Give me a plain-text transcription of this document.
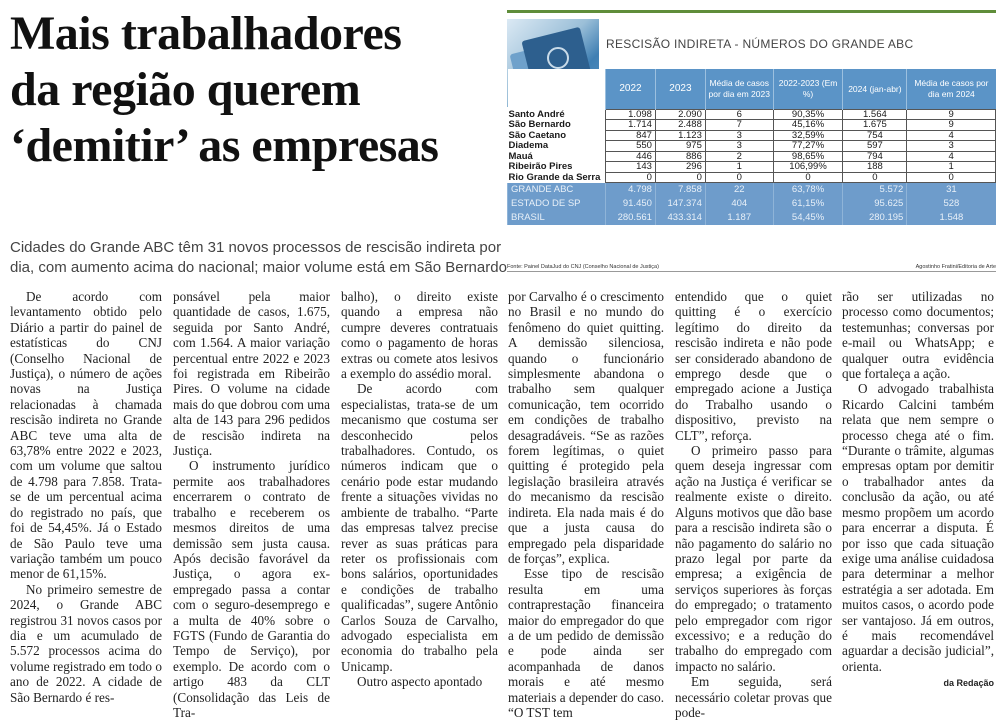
Mais trabalhadores
da região querem
‘demitir’ as empresas
Cidades do Grande ABC têm 31 novos processos de rescisão indireta por
dia, com aumento acima do nacional; maior volume está em São Bernardo
RESCISÃO INDIRETA - NÚMEROS DO GRANDE ABC
	2022	2023	Média de casos por dia em 2023	2022-2023 (Em %)	2024 (jan-abr)	Média de casos por dia em 2024
Santo André	1.098	2.090	6	90,35%	1.564	9
São Bernardo	1.714	2.488	7	45,16%	1.675	9
São Caetano	847	1.123	3	32,59%	754	4
Diadema	550	975	3	77,27%	597	3
Mauá	446	886	2	98,65%	794	4
Ribeirão Pires	143	296	1	106,99%	188	1
Rio Grande da Serra	0	0	0	0	0	0
GRANDE ABC	4.798	7.858	22	63,78%	5.572	31
ESTADO DE SP	91.450	147.374	404	61,15%	95.625	528
BRASIL	280.561	433.314	1.187	54,45%	280.195	1.548
Fonte: Painel DataJud do CNJ (Conselho Nacional de Justiça)	Agostinho Fratini/Editoria de Arte

De acordo com levantamento obtido pelo Diário a partir do painel de estatísticas do CNJ (Conselho Nacional de Justiça), o número de ações novas na Justiça relacionadas à chamada rescisão indireta no Grande ABC teve uma alta de 63,78% entre 2022 e 2023, com um volume que saltou de 4.798 para 7.858. Trata-se de um percentual acima do registrado no país, que foi de 54,45%. Já o Estado de São Paulo teve uma variação também um pouco menor de 61,15%.

No primeiro semestre de 2024, o Grande ABC registrou 31 novos casos por dia e um acumulado de 5.572 processos acima do volume registrado em todo o ano de 2022. A cidade de São Bernardo é res-

ponsável pela maior quantidade de casos, 1.675, seguida por Santo André, com 1.564. A maior variação percentual entre 2022 e 2023 foi registrada em Ribeirão Pires. O volume na cidade mais do que dobrou com uma alta de 143 para 296 pedidos de rescisão indireta na Justiça.

O instrumento jurídico permite aos trabalhadores encerrarem o contrato de trabalho e receberem os mesmos direitos de uma demissão sem justa causa. Após decisão favorável da Justiça, o agora ex-empregado passa a contar com o seguro-desemprego e a multa de 40% sobre o FGTS (Fundo de Garantia do Tempo de Serviço), por exemplo. De acordo com o artigo 483 da CLT (Consolidação das Leis de Tra-

balho), o direito existe quando a empresa não cumpre deveres contratuais como o pagamento de horas extras ou comete atos lesivos a exemplo do assédio moral.

De acordo com especialistas, trata-se de um mecanismo que costuma ser desconhecido pelos trabalhadores. Contudo, os números indicam que o cenário pode estar mudando frente a situações vividas no ambiente de trabalho. “Parte das empresas talvez precise rever as suas práticas para reter os profissionais com bons salários, oportunidades e condições de trabalho qualificadas”, sugere Antônio Carlos Souza de Carvalho, advogado especialista em economia do trabalho pela Unicamp.

Outro aspecto apontado

por Carvalho é o crescimento no Brasil e no mundo do fenômeno do quiet quitting. A demissão silenciosa, quando o funcionário simplesmente abandona o trabalho sem qualquer comunicação, tem ocorrido em condições de trabalho desagradáveis. “Se as razões forem legítimas, o quiet quitting é protegido pela legislação brasileira através do mecanismo da rescisão indireta. Ela nada mais é do que a justa causa do empregado pela disparidade de forças”, explica.

Esse tipo de rescisão resulta em uma contraprestação financeira maior do empregador do que a de um pedido de demissão e pode ainda ser acompanhada de danos morais e até mesmo materiais a depender do caso. “O TST tem

entendido que o quiet quitting é o exercício legítimo do direito da rescisão indireta e não pode ser considerado abandono de emprego desde que o empregado acione a Justiça do Trabalho usando o dispositivo, previsto na CLT”, reforça.

O primeiro passo para quem deseja ingressar com ação na Justiça é verificar se realmente existe o direito. Alguns motivos que dão base para a rescisão indireta são o não pagamento do salário no prazo legal por parte da empresa; a exigência de serviços superiores às forças do empregado; o tratamento pelo empregador com rigor excessivo; e a redução do trabalho do empregado com impacto no salário.

Em seguida, será necessário coletar provas que pode-

rão ser utilizadas no processo como documentos; testemunhas; conversas por e-mail ou WhatsApp; e qualquer outra evidência que fortaleça a ação.

O advogado trabalhista Ricardo Calcini também relata que nem sempre o processo chega até o fim. “Durante o trâmite, algumas empresas optam por demitir o trabalhador antes da conclusão da ação, ou até mesmo propõem um acordo para encerrar a disputa. É por isso que cada situação exige uma análise cuidadosa para determinar a melhor estratégia a ser adotada. Em muitos casos, o acordo pode ser vantajoso. Já em outros, é mais recomendável aguardar a decisão judicial”, orienta.

da Redação
